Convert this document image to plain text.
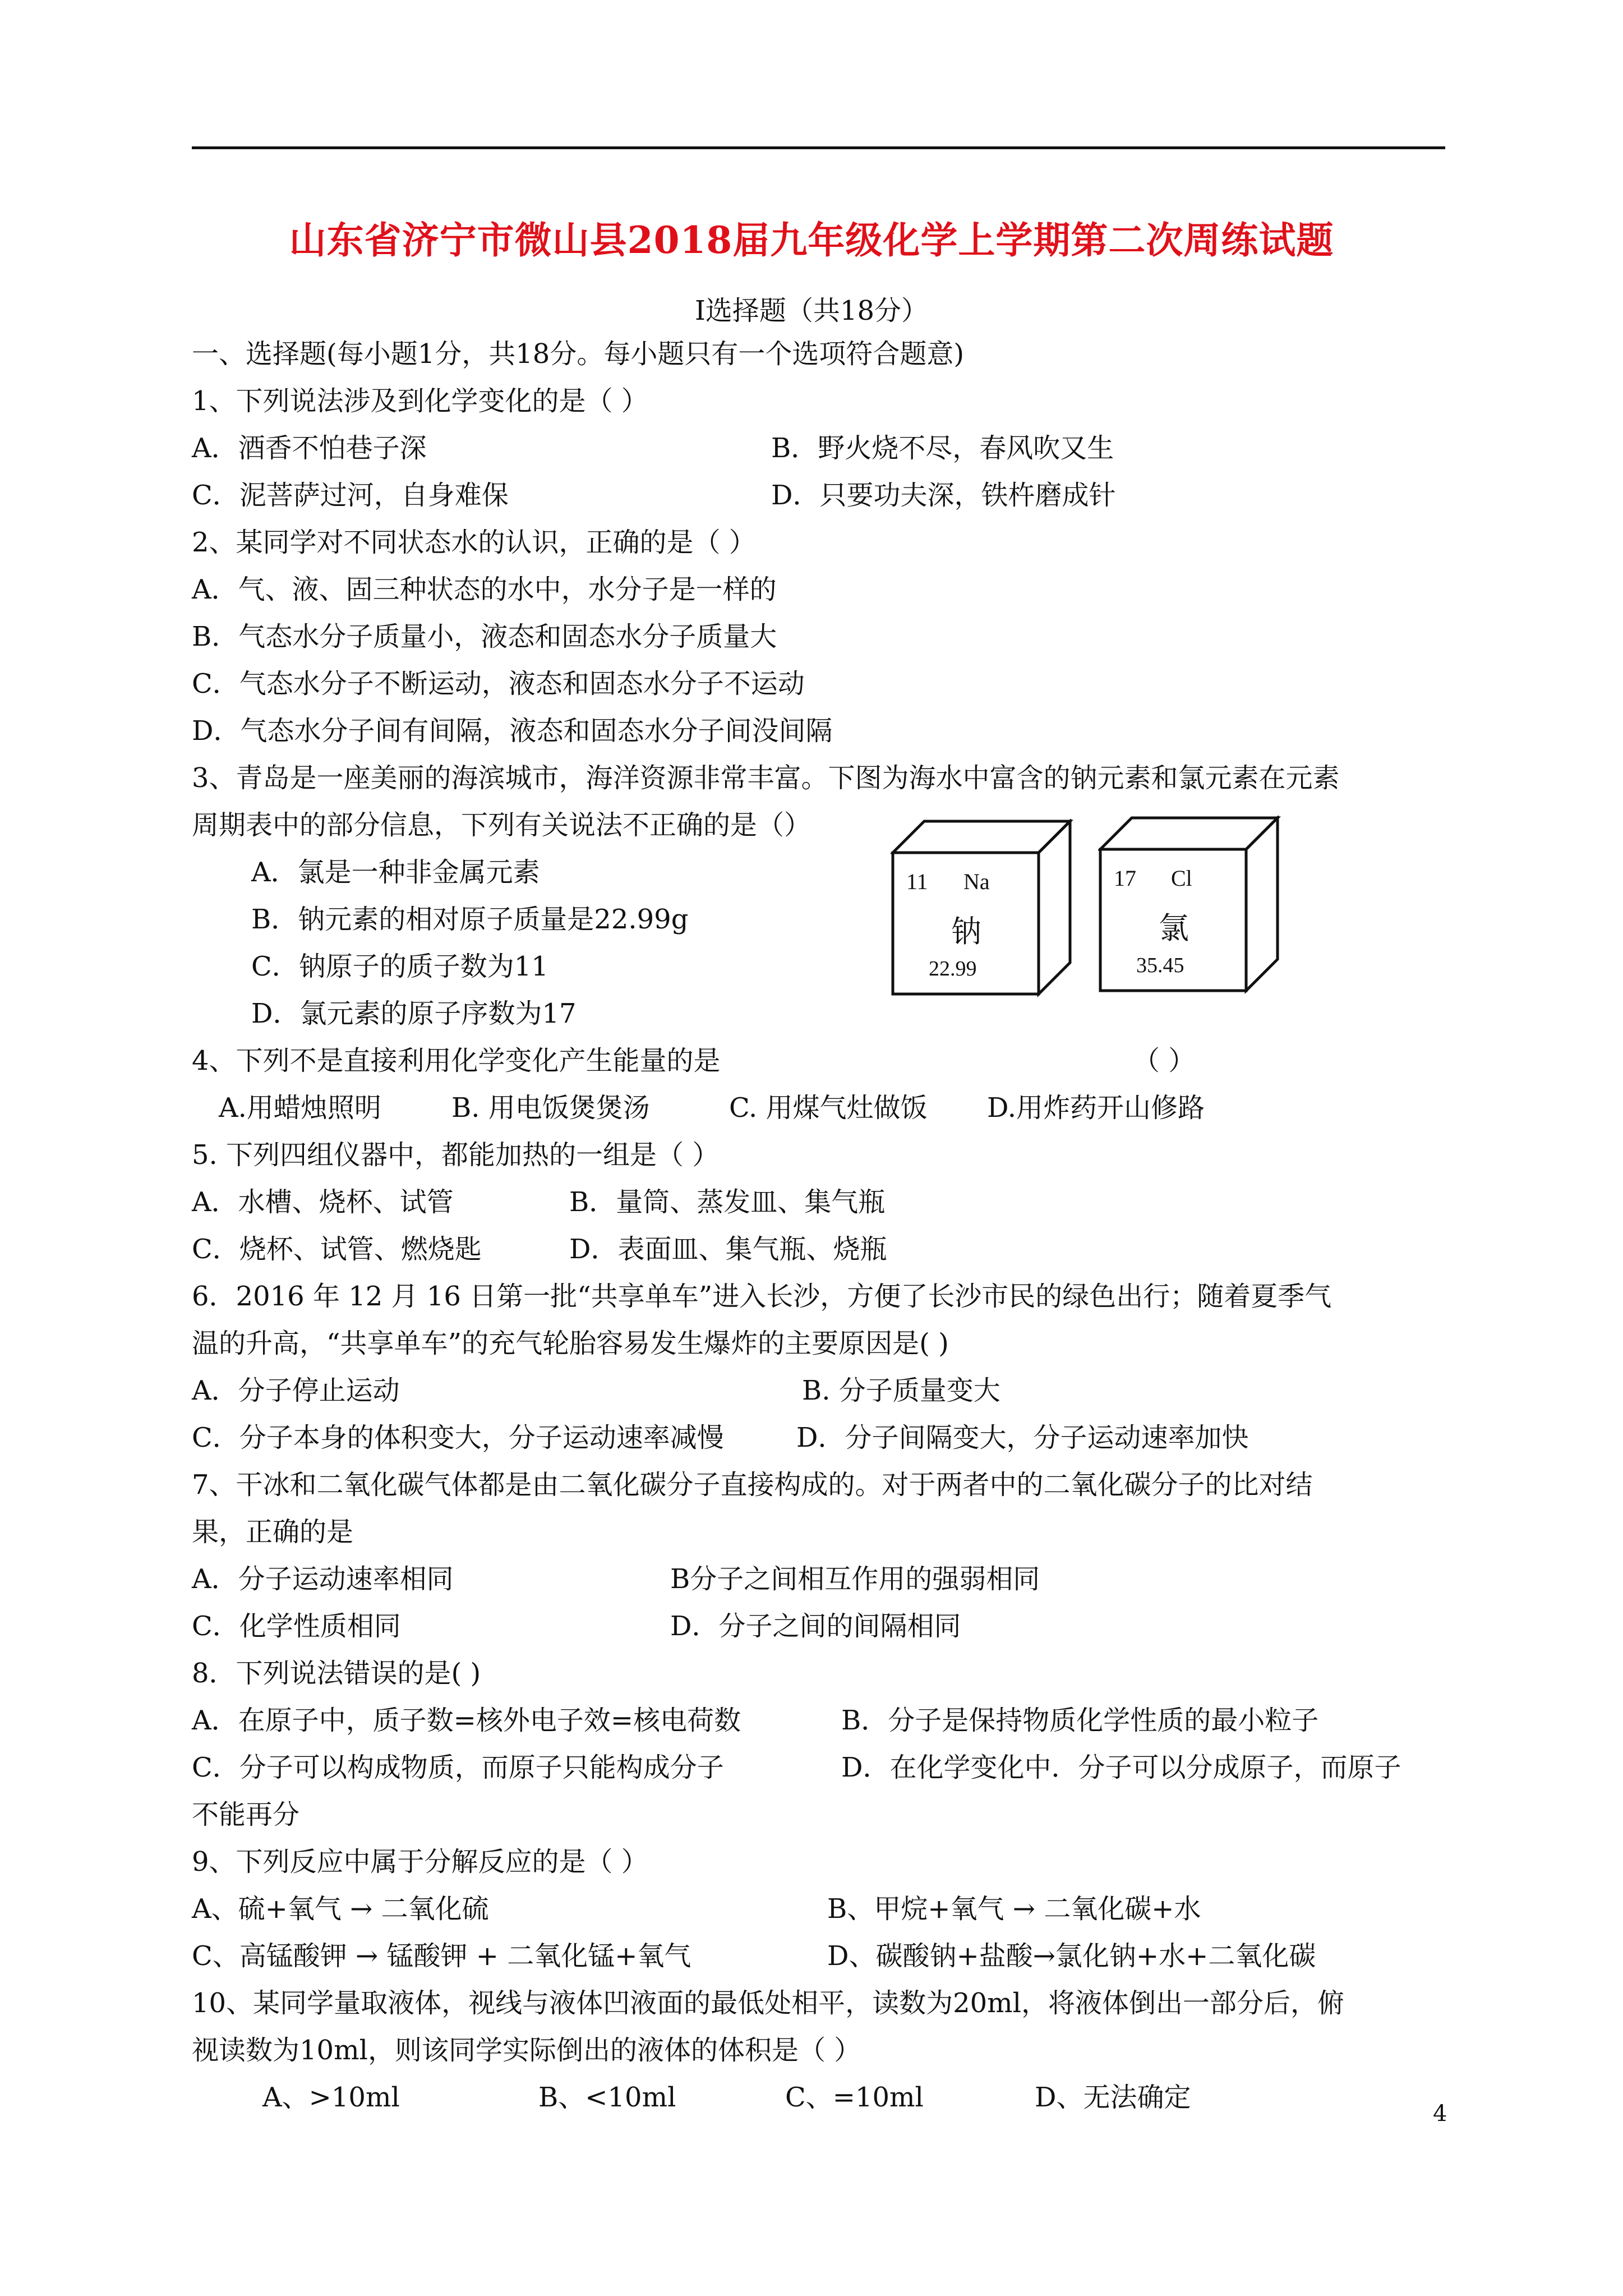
山东省济宁市微山县2018届九年级化学上学期第二次周练试题
Ⅰ选择题（共18分）
一、选择题(每小题1分，共18分。每小题只有一个选项符合题意)
1、下列说法涉及到化学变化的是（ ）
A．酒香不怕巷子深	B．野火烧不尽，春风吹又生
C．泥菩萨过河，自身难保	D．只要功夫深，铁杵磨成针
2、某同学对不同状态水的认识，正确的是（ ）
A．气、液、固三种状态的水中，水分子是一样的
B．气态水分子质量小，液态和固态水分子质量大
C．气态水分子不断运动，液态和固态水分子不运动
D．气态水分子间有间隔，液态和固态水分子间没间隔
3、青岛是一座美丽的海滨城市，海洋资源非常丰富。下图为海水中富含的钠元素和氯元素在元素
周期表中的部分信息，下列有关说法不正确的是（）
A．氯是一种非金属元素
B．钠元素的相对原子质量是22.99g
C．钠原子的质子数为11
D．氯元素的原子序数为17
11 Na
钠
22.99
17 Cl
氯
35.45
4、下列不是直接利用化学变化产生能量的是	（ ）
A.用蜡烛照明	B. 用电饭煲煲汤	C. 用煤气灶做饭 D.用炸药开山修路
5. 下列四组仪器中，都能加热的一组是（ ）
A．水槽、烧杯、试管	B．量筒、蒸发皿、集气瓶
C．烧杯、试管、燃烧匙	D．表面皿、集气瓶、烧瓶
6．2016 年 12 月 16 日第一批“共享单车”进入长沙，方便了长沙市民的绿色出行；随着夏季气
温的升高，“共享单车”的充气轮胎容易发生爆炸的主要原因是( )
A．分子停止运动	B. 分子质量变大
C．分子本身的体积变大，分子运动速率减慢	D．分子间隔变大，分子运动速率加快
7、干冰和二氧化碳气体都是由二氧化碳分子直接构成的。对于两者中的二氧化碳分子的比对结
果，正确的是
A．分子运动速率相同	B分子之间相互作用的强弱相同
C．化学性质相同	D．分子之间的间隔相同
8．下列说法错误的是( )
A．在原子中，质子数=核外电子效=核电荷数	B．分子是保持物质化学性质的最小粒子
C．分子可以构成物质，而原子只能构成分子	D．在化学变化中．分子可以分成原子，而原子
不能再分
9、下列反应中属于分解反应的是（ ）
A、硫+氧气 → 二氧化硫	B、甲烷+氧气 → 二氧化碳+水
C、高锰酸钾 → 锰酸钾 + 二氧化锰+氧气	D、碳酸钠+盐酸→氯化钠+水+二氧化碳
10、某同学量取液体，视线与液体凹液面的最低处相平，读数为20ml，将液体倒出一部分后，俯
视读数为10ml，则该同学实际倒出的液体的体积是（ ）
A、>10ml	B、<10ml	C、=10ml	D、无法确定
4
